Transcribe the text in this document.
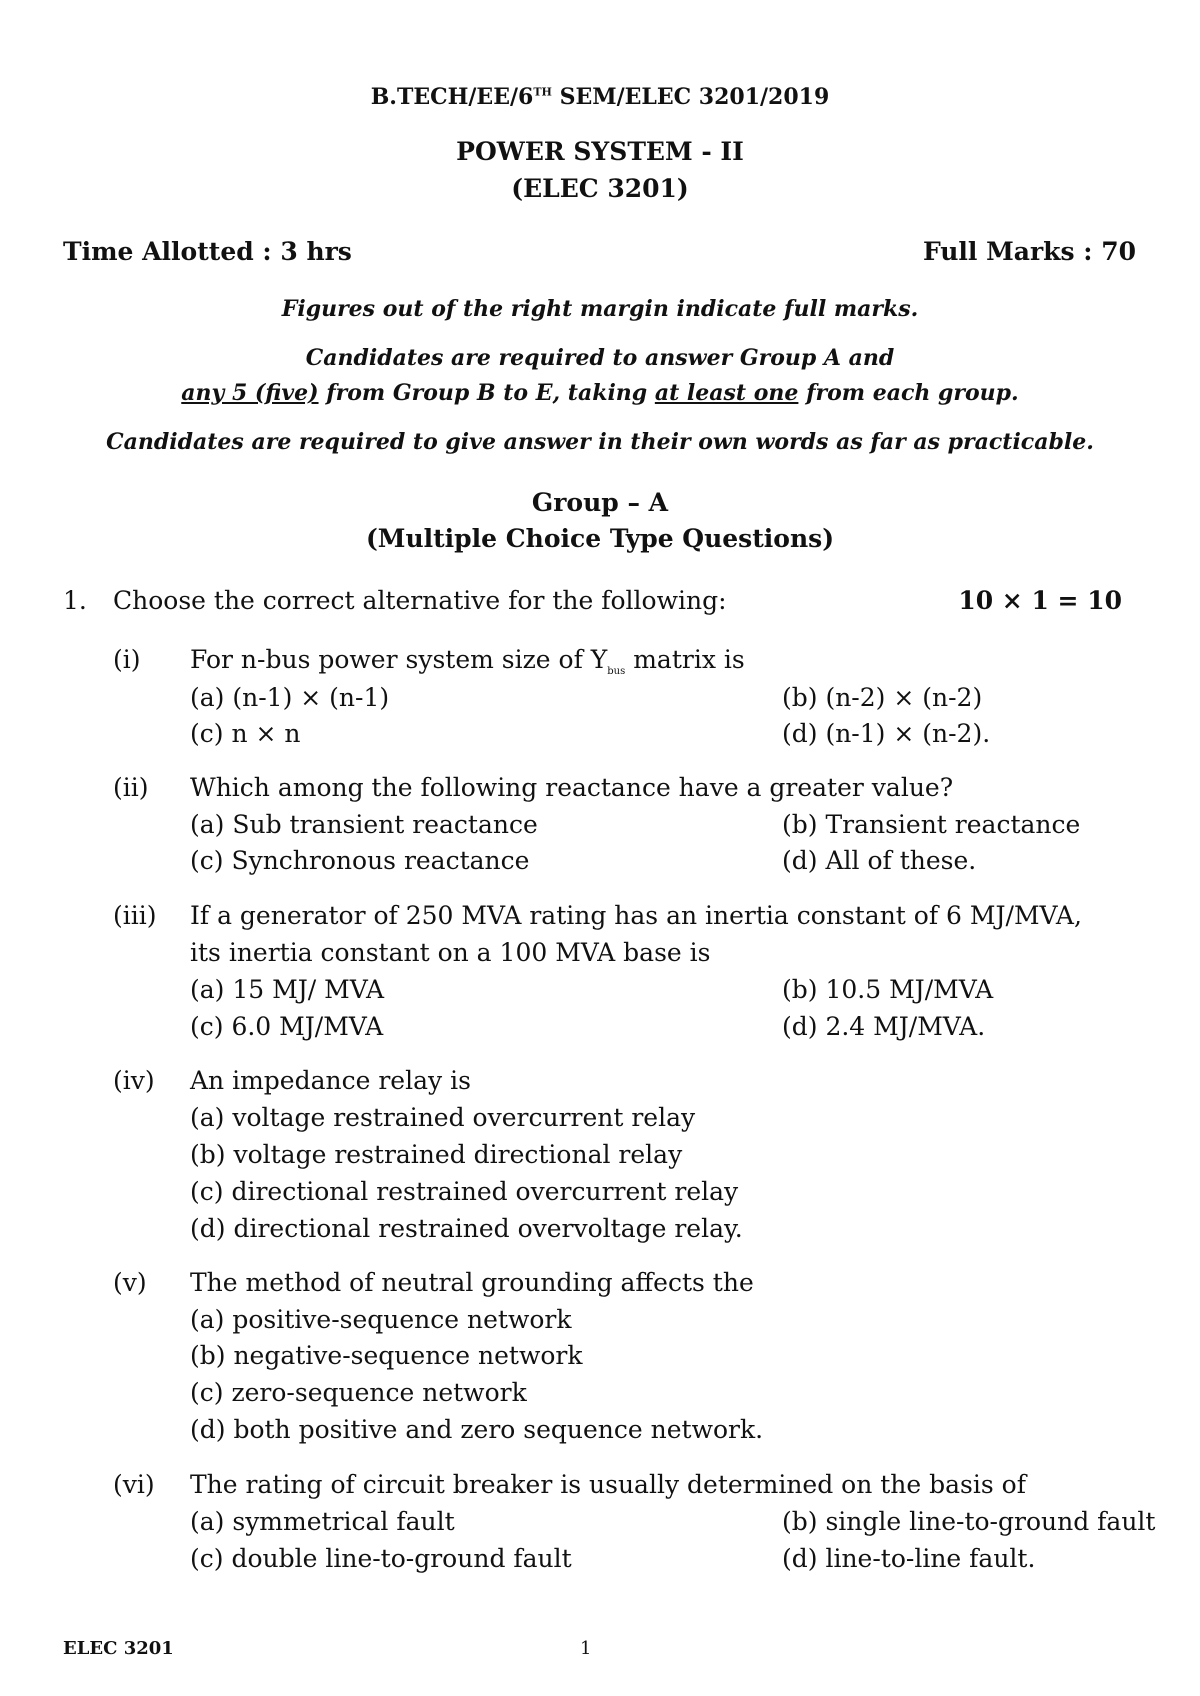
B.TECH/EE/6TH SEM/ELEC 3201/2019
POWER SYSTEM - II
(ELEC 3201)
Time Allotted : 3 hrs	Full Marks : 70
Figures out of the right margin indicate full marks.
Candidates are required to answer Group A and
any 5 (five) from Group B to E, taking at least one from each group.
Candidates are required to give answer in their own words as far as practicable.
Group – A
(Multiple Choice Type Questions)
1. Choose the correct alternative for the following:	10 × 1 = 10
(i) For n-bus power system size of $Y_{bus}$ matrix is
(a) (n-1) × (n-1)	(b) (n-2) × (n-2)
(c) n × n	(d) (n-1) × (n-2).
(ii) Which among the following reactance have a greater value?
(a) Sub transient reactance	(b) Transient reactance
(c) Synchronous reactance	(d) All of these.
(iii) If a generator of 250 MVA rating has an inertia constant of 6 MJ/MVA,
its inertia constant on a 100 MVA base is
(a) 15 MJ/ MVA	(b) 10.5 MJ/MVA
(c) 6.0 MJ/MVA	(d) 2.4 MJ/MVA.
(iv) An impedance relay is
(a) voltage restrained overcurrent relay
(b) voltage restrained directional relay
(c) directional restrained overcurrent relay
(d) directional restrained overvoltage relay.
(v) The method of neutral grounding affects the
(a) positive-sequence network
(b) negative-sequence network
(c) zero-sequence network
(d) both positive and zero sequence network.
(vi) The rating of circuit breaker is usually determined on the basis of
(a) symmetrical fault	(b) single line-to-ground fault
(c) double line-to-ground fault	(d) line-to-line fault.
ELEC 3201	1
